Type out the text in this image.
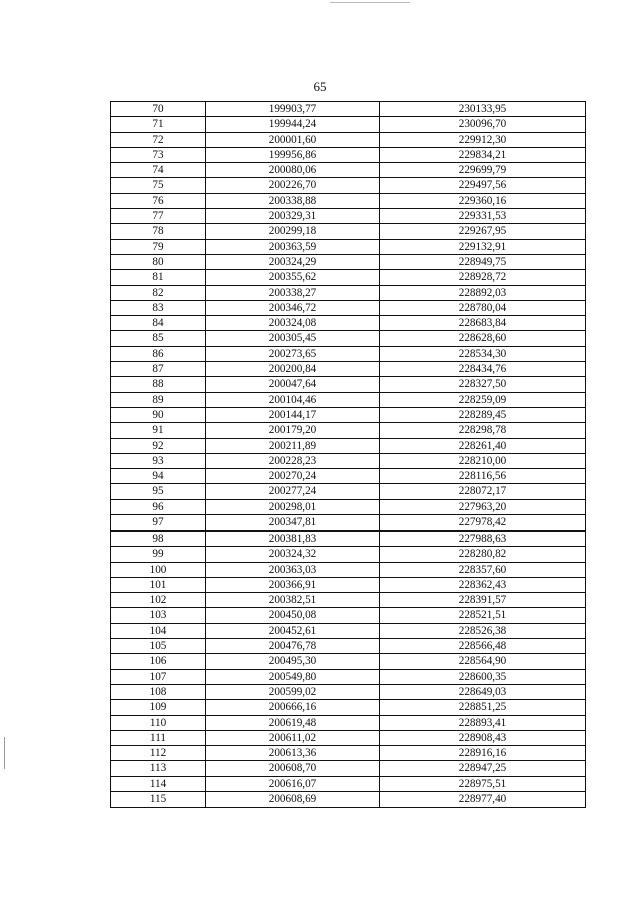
65
70	199903,77	230133,95
71	199944,24	230096,70
72	200001,60	229912,30
73	199956,86	229834,21
74	200080,06	229699,79
75	200226,70	229497,56
76	200338,88	229360,16
77	200329,31	229331,53
78	200299,18	229267,95
79	200363,59	229132,91
80	200324,29	228949,75
81	200355,62	228928,72
82	200338,27	228892,03
83	200346,72	228780,04
84	200324,08	228683,84
85	200305,45	228628,60
86	200273,65	228534,30
87	200200,84	228434,76
88	200047,64	228327,50
89	200104,46	228259,09
90	200144,17	228289,45
91	200179,20	228298,78
92	200211,89	228261,40
93	200228,23	228210,00
94	200270,24	228116,56
95	200277,24	228072,17
96	200298,01	227963,20
97	200347,81	227978,42
98	200381,83	227988,63
99	200324,32	228280,82
100	200363,03	228357,60
101	200366,91	228362,43
102	200382,51	228391,57
103	200450,08	228521,51
104	200452,61	228526,38
105	200476,78	228566,48
106	200495,30	228564,90
107	200549,80	228600,35
108	200599,02	228649,03
109	200666,16	228851,25
110	200619,48	228893,41
111	200611,02	228908,43
112	200613,36	228916,16
113	200608,70	228947,25
114	200616,07	228975,51
115	200608,69	228977,40
